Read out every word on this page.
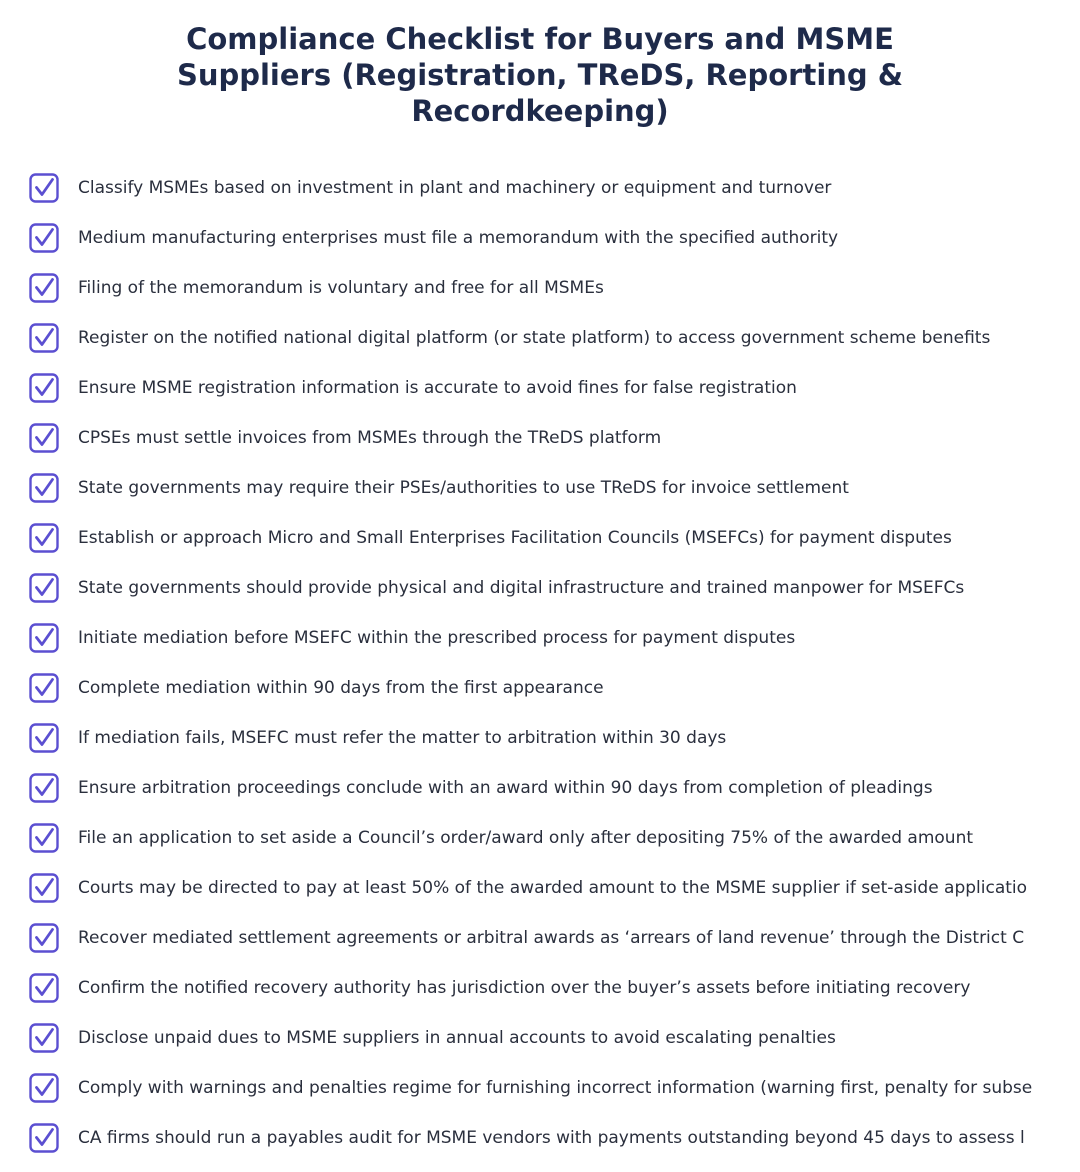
Compliance Checklist for Buyers and MSME Suppliers (Registration, TReDS, Reporting & Recordkeeping)
Classify MSMEs based on investment in plant and machinery or equipment and turnover
Medium manufacturing enterprises must file a memorandum with the specified authority
Filing of the memorandum is voluntary and free for all MSMEs
Register on the notified national digital platform (or state platform) to access government scheme benefits
Ensure MSME registration information is accurate to avoid fines for false registration
CPSEs must settle invoices from MSMEs through the TReDS platform
State governments may require their PSEs/authorities to use TReDS for invoice settlement
Establish or approach Micro and Small Enterprises Facilitation Councils (MSEFCs) for payment disputes
State governments should provide physical and digital infrastructure and trained manpower for MSEFCs
Initiate mediation before MSEFC within the prescribed process for payment disputes
Complete mediation within 90 days from the first appearance
If mediation fails, MSEFC must refer the matter to arbitration within 30 days
Ensure arbitration proceedings conclude with an award within 90 days from completion of pleadings
File an application to set aside a Council’s order/award only after depositing 75% of the awarded amount
Courts may be directed to pay at least 50% of the awarded amount to the MSME supplier if set-aside applicatio
Recover mediated settlement agreements or arbitral awards as ‘arrears of land revenue’ through the District C
Confirm the notified recovery authority has jurisdiction over the buyer’s assets before initiating recovery
Disclose unpaid dues to MSME suppliers in annual accounts to avoid escalating penalties
Comply with warnings and penalties regime for furnishing incorrect information (warning first, penalty for subse
CA firms should run a payables audit for MSME vendors with payments outstanding beyond 45 days to assess l
